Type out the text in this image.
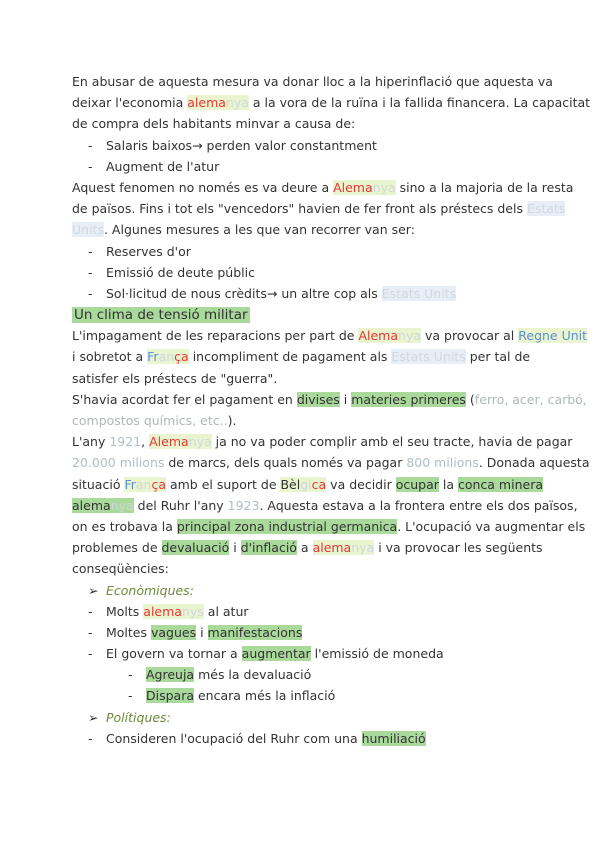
En abusar de aquesta mesura va donar lloc a la hiperinflació que aquesta va
deixar l'economia alemanya a la vora de la ruïna i la fallida financera. La capacitat
de compra dels habitants minvar a causa de:
- Salaris baixos→ perden valor constantment
- Augment de l'atur
Aquest fenomen no només es va deure a Alemanya sino a la majoria de la resta
de països. Fins i tot els "vencedors" havien de fer front als préstecs dels Estats
Units. Algunes mesures a les que van recorrer van ser:
- Reserves d'or
- Emissió de deute públic
- Sol·licitud de nous crèdits→ un altre cop als Estats Units
Un clima de tensió militar
L'impagament de les reparacions per part de Alemanya va provocar al Regne Unit
i sobretot a França incompliment de pagament als Estats Units per tal de
satisfer els préstecs de "guerra".
S'havia acordat fer el pagament en divises i materies primeres (ferro, acer, carbó,
compostos químics, etc..).
L'any 1921, Alemanya ja no va poder complir amb el seu tracte, havia de pagar
20.000 milions de marcs, dels quals només va pagar 800 milions. Donada aquesta
situació França amb el suport de Bèlgica va decidir ocupar la conca minera
alemanya del Ruhr l'any 1923. Aquesta estava a la frontera entre els dos països,
on es trobava la principal zona industrial germanica. L'ocupació va augmentar els
problemes de devaluació i d'inflació a alemanya i va provocar les següents
conseqüències:
➢ Econòmiques:
- Molts alemanys al atur
- Moltes vagues i manifestacions
- El govern va tornar a augmentar l'emissió de moneda
- Agreuja més la devaluació
- Dispara encara més la inflació
➢ Polítiques:
- Consideren l'ocupació del Ruhr com una humiliació
